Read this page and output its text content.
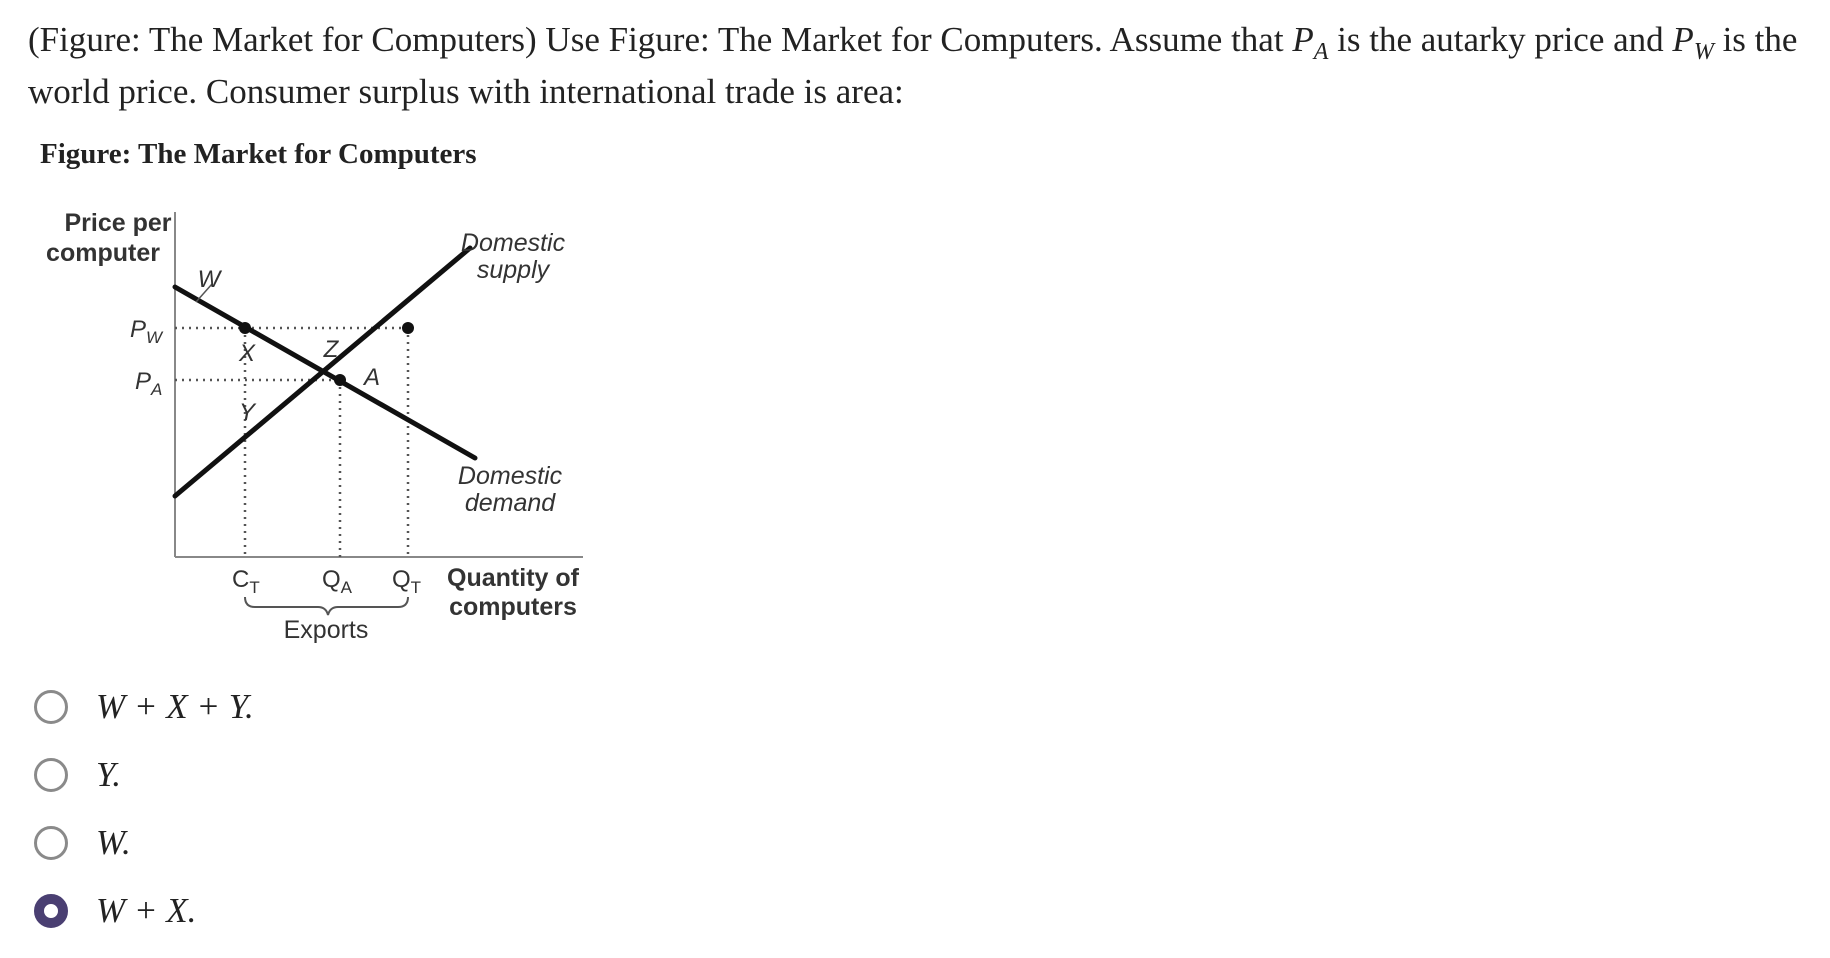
(Figure: The Market for Computers) Use Figure: The Market for Computers. Assume that $P_A$ is the autarky price and $P_W$ is the world price. Consumer surplus with international trade is area:
Figure: The Market for Computers
Price per
computer
Quantity of
computers
Domestic
supply
Domestic
demand
$P_W$
$P_A$
$C_T$	$Q_A$ $Q_T$
W
X
Y
Z
A
Exports
W + X + Y.
Y.
W.
W + X.
